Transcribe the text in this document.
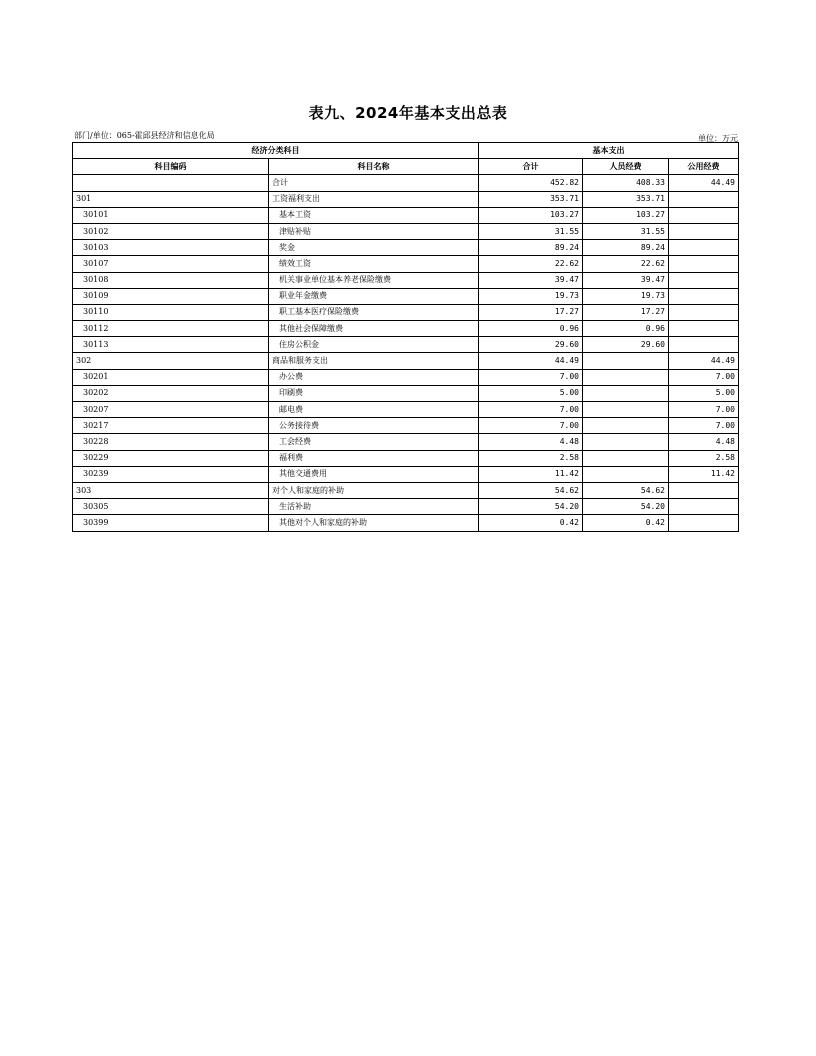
表九、2024年基本支出总表
部门/单位：065-霍邱县经济和信息化局	单位：万元
经济分类科目		基本支出		
科目编码	科目名称	合计	人员经费	公用经费
	合计	452.82	408.33	44.49
301	工资福利支出	353.71	353.71	
30101	基本工资	103.27	103.27	
30102	津贴补贴	31.55	31.55	
30103	奖金	89.24	89.24	
30107	绩效工资	22.62	22.62	
30108	机关事业单位基本养老保险缴费	39.47	39.47	
30109	职业年金缴费	19.73	19.73	
30110	职工基本医疗保险缴费	17.27	17.27	
30112	其他社会保障缴费	0.96	0.96	
30113	住房公积金	29.60	29.60	
302	商品和服务支出	44.49		44.49
30201	办公费	7.00		7.00
30202	印刷费	5.00		5.00
30207	邮电费	7.00		7.00
30217	公务接待费	7.00		7.00
30228	工会经费	4.48		4.48
30229	福利费	2.58		2.58
30239	其他交通费用	11.42		11.42
303	对个人和家庭的补助	54.62	54.62	
30305	生活补助	54.20	54.20	
30399	其他对个人和家庭的补助	0.42	0.42	
